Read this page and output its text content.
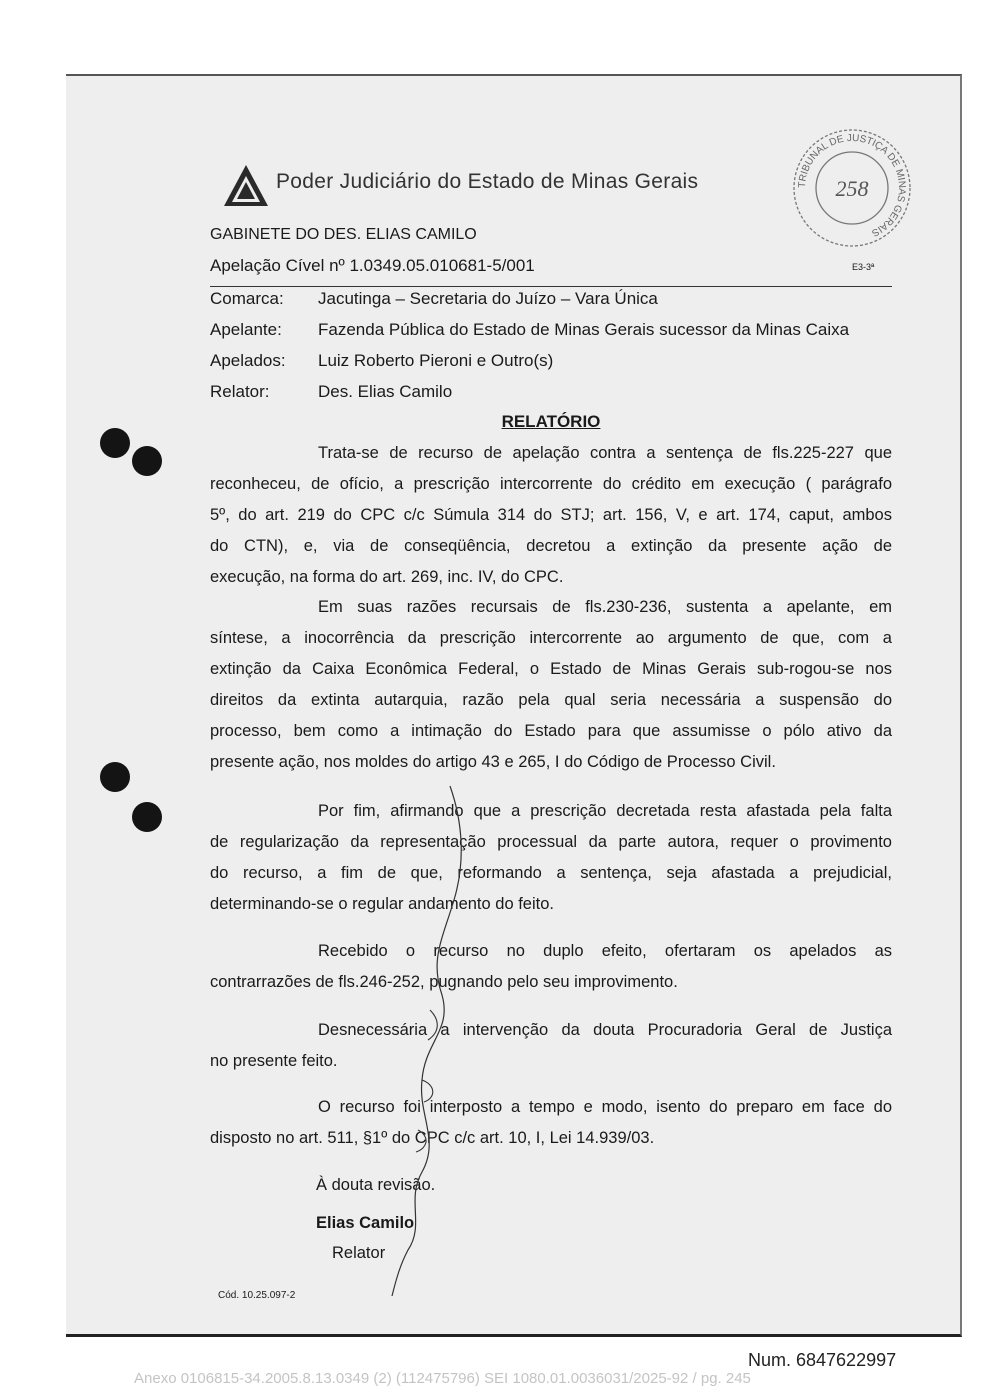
Poder Judiciário do Estado de Minas Gerais	TRIBUNAL DE JUSTIÇA DE MINAS GERAIS
258
GABINETE DO DES. ELIAS CAMILO
Apelação Cível nº 1.0349.05.010681-5/001	E3-3ª
Comarca: Jacutinga – Secretaria do Juízo – Vara Única
Apelante: Fazenda Pública do Estado de Minas Gerais sucessor da Minas Caixa
Apelados: Luiz Roberto Pieroni e Outro(s)
Relator:	Des. Elias Camilo
RELATÓRIO
Trata-se de recurso de apelação contra a sentença de fls.225-227 que
reconheceu, de ofício, a prescrição intercorrente do crédito em execução ( parágrafo
5º, do art. 219 do CPC c/c Súmula 314 do STJ; art. 156, V, e art. 174, caput, ambos
do CTN), e, via de conseqüência, decretou a extinção da presente ação de
execução, na forma do art. 269, inc. IV, do CPC.
Em suas razões recursais de fls.230-236, sustenta a apelante, em
síntese, a inocorrência da prescrição intercorrente ao argumento de que, com a
extinção da Caixa Econômica Federal, o Estado de Minas Gerais sub-rogou-se nos
direitos da extinta autarquia, razão pela qual seria necessária a suspensão do
processo, bem como a intimação do Estado para que assumisse o pólo ativo da
presente ação, nos moldes do artigo 43 e 265, I do Código de Processo Civil.
Por fim, afirmando que a prescrição decretada resta afastada pela falta
de regularização da representação processual da parte autora, requer o provimento
do recurso, a fim de que, reformando a sentença, seja afastada a prejudicial,
determinando-se o regular andamento do feito.
Recebido o recurso no duplo efeito, ofertaram os apelados as
contrarrazões de fls.246-252, pugnando pelo seu improvimento.
Desnecessária a intervenção da douta Procuradoria Geral de Justiça
no presente feito.
O recurso foi interposto a tempo e modo, isento do preparo em face do
disposto no art. 511, §1º do CPC c/c art. 10, I, Lei 14.939/03.
À douta revisão.
Elias Camilo
Relator
Cód. 10.25.097-2
Num. 6847622997
Anexo 0106815-34.2005.8.13.0349 (2) (112475796) SEI 1080.01.0036031/2025-92 / pg. 245
